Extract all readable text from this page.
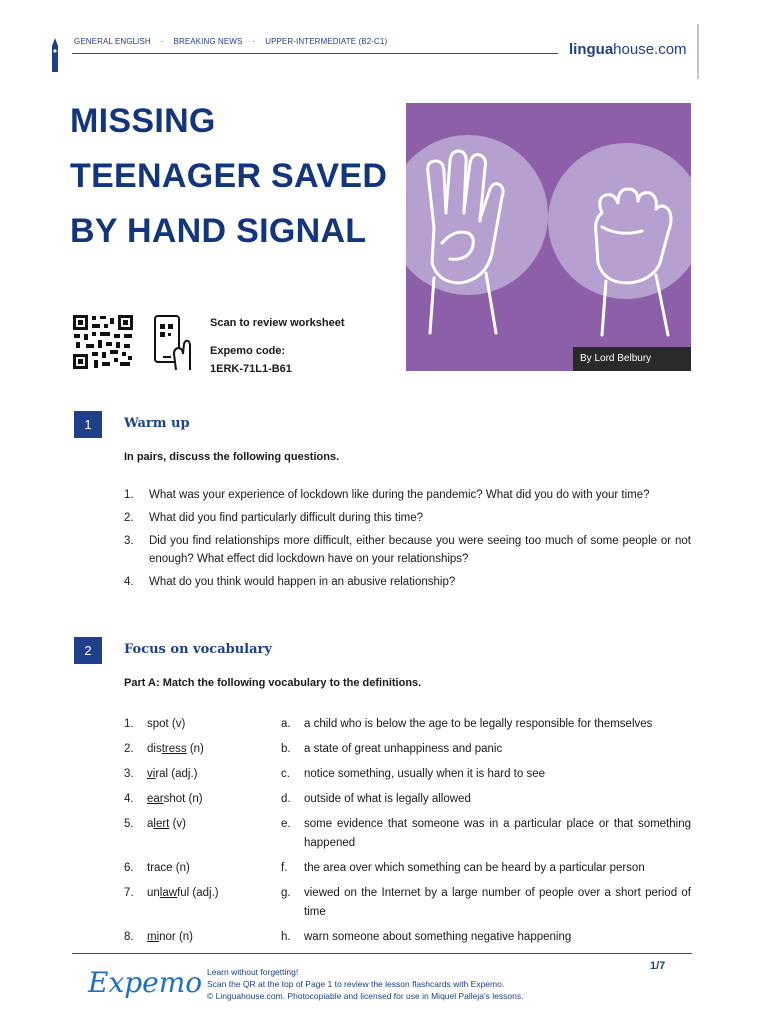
GENERAL ENGLISH · BREAKING NEWS · UPPER-INTERMEDIATE (B2-C1)	linguahouse.com
MISSING
TEENAGER SAVED
BY HAND SIGNAL
By Lord Belbury
Scan to review worksheet
Expemo code:
1ERK-71L1-B61
1	Warm up
In pairs, discuss the following questions.
1.	What was your experience of lockdown like during the pandemic? What did you do with your time?
2.	What did you find particularly difficult during this time?
3.	Did you find relationships more difficult, either because you were seeing too much of some people or not enough? What effect did lockdown have on your relationships?
4.	What do you think would happen in an abusive relationship?
2	Focus on vocabulary
Part A: Match the following vocabulary to the definitions.
1.	spot (v)	a.	a child who is below the age to be legally responsible for themselves
2.	distress (n)	b.	a state of great unhappiness and panic
3.	viral (adj.)	c.	notice something, usually when it is hard to see
4.	earshot (n)	d.	outside of what is legally allowed
5.	alert (v)	e.	some evidence that someone was in a particular place or that something happened
6.	trace (n)	f.	the area over which something can be heard by a particular person
7.	unlawful (adj.)	g.	viewed on the Internet by a large number of people over a short period of time
8.	minor (n)	h.	warn someone about something negative happening
Expemo Learn without forgetting!
Scan the QR at the top of Page 1 to review the lesson flashcards with Expemo.
© Linguahouse.com. Photocopiable and licensed for use in Miquel Palleja's lessons.
1/7
